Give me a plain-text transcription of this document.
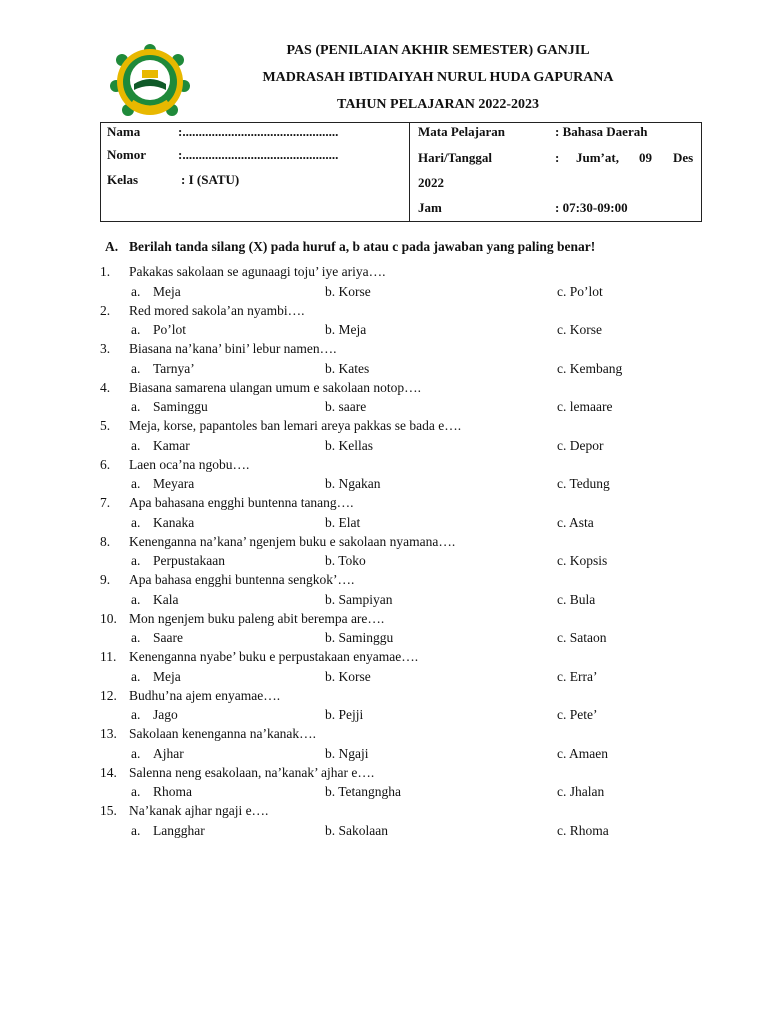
PAS (PENILAIAN AKHIR SEMESTER) GANJIL
MADRASAH IBTIDAIYAH NURUL HUDA GAPURANA
TAHUN PELAJARAN 2022-2023
Nama	:................................................
Nomor :................................................
Kelas	: I (SATU)
Mata Pelajaran	: Bahasa Daerah
Hari/Tanggal	: Jum’at, 09 Des
2022
Jam	: 07:30-09:00
A. Berilah tanda silang (X) pada huruf a, b atau c pada jawaban yang paling benar!
1.	Pakakas sakolaan se agunaagi toju’ iye ariya….
a. Meja	b. Korse	c. Po’lot
2.	Red mored sakola’an nyambi….
a. Po’lot	b. Meja	c. Korse
3.	Biasana na’kana’ bini’ lebur namen….
a. Tarnya’	b. Kates	c. Kembang
4.	Biasana samarena ulangan umum e sakolaan notop….
a. Saminggu	b. saare	c. lemaare
5.	Meja, korse, papantoles ban lemari areya pakkas se bada e….
a. Kamar	b. Kellas	c. Depor
6.	Laen oca’na ngobu….
a. Meyara	b. Ngakan	c. Tedung
7.	Apa bahasana engghi buntenna tanang….
a. Kanaka	b. Elat	c. Asta
8.	Kenenganna na’kana’ ngenjem buku e sakolaan nyamana….
a. Perpustakaan	b. Toko	c. Kopsis
9.	Apa bahasa engghi buntenna sengkok’….
a. Kala	b. Sampiyan	c. Bula
10. Mon ngenjem buku paleng abit berempa are….
a. Saare	b. Saminggu	c. Sataon
11. Kenenganna nyabe’ buku e perpustakaan enyamae….
a. Meja	b. Korse	c. Erra’
12. Budhu’na ajem enyamae….
a. Jago	b. Pejji	c. Pete’
13. Sakolaan kenenganna na’kanak….
a. Ajhar	b. Ngaji	c. Amaen
14. Salenna neng esakolaan, na’kanak’ ajhar e….
a. Rhoma	b. Tetangngha	c. Jhalan
15. Na’kanak ajhar ngaji e….
a. Langghar	b. Sakolaan	c. Rhoma
